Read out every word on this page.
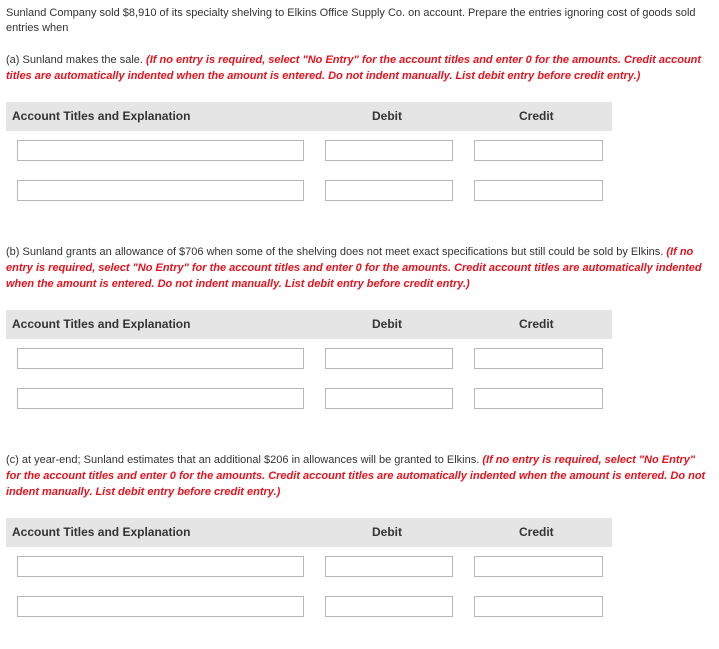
Sunland Company sold $8,910 of its specialty shelving to Elkins Office Supply Co. on account. Prepare the entries ignoring cost of goods sold entries when
(a) Sunland makes the sale. (If no entry is required, select "No Entry" for the account titles and enter 0 for the amounts. Credit account titles are automatically indented when the amount is entered. Do not indent manually. List debit entry before credit entry.)
Account Titles and Explanation	Debit	Credit
(b) Sunland grants an allowance of $706 when some of the shelving does not meet exact specifications but still could be sold by Elkins. (If no entry is required, select "No Entry" for the account titles and enter 0 for the amounts. Credit account titles are automatically indented when the amount is entered. Do not indent manually. List debit entry before credit entry.)
Account Titles and Explanation	Debit	Credit
(c) at year-end; Sunland estimates that an additional $206 in allowances will be granted to Elkins. (If no entry is required, select "No Entry" for the account titles and enter 0 for the amounts. Credit account titles are automatically indented when the amount is entered. Do not indent manually. List debit entry before credit entry.)
Account Titles and Explanation	Debit	Credit
